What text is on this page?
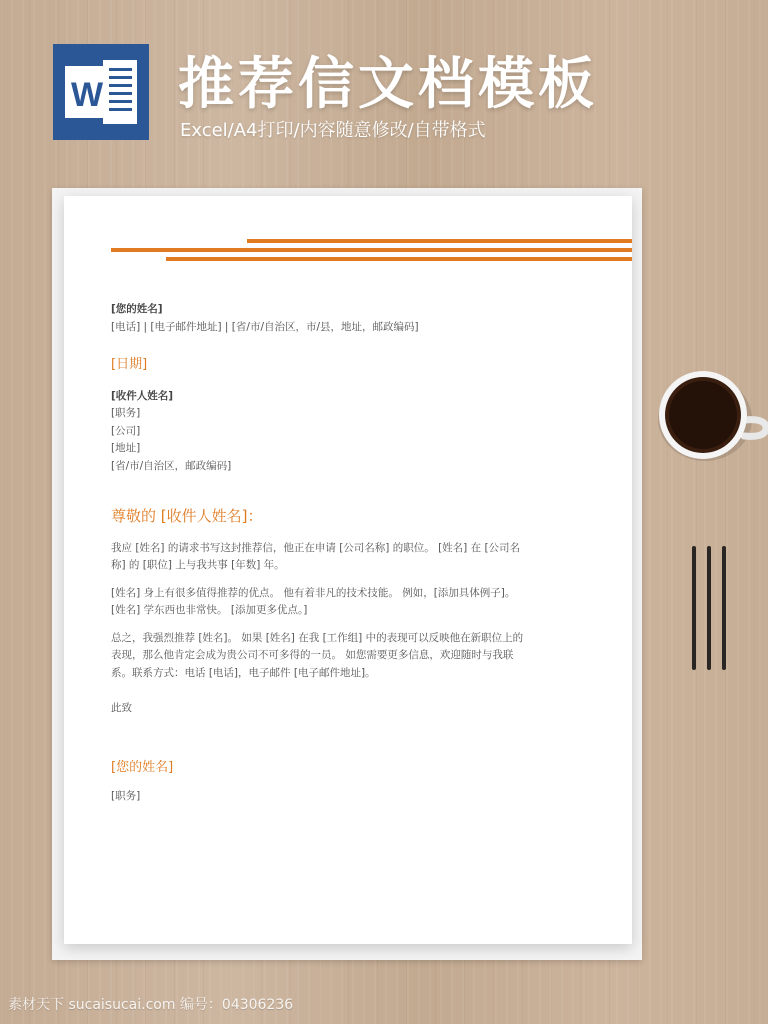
W 推荐信文档模板

Excel/A4打印/内容随意修改/自带格式

[您的姓名]

[电话] | [电子邮件地址] | [省/市/自治区，市/县，地址，邮政编码]

[日期]

[收件人姓名]

[职务]

[公司]

[地址]

[省/市/自治区，邮政编码]

尊敬的 [收件人姓名]：

我应 [姓名] 的请求书写这封推荐信，他正在申请 [公司名称] 的职位。 [姓名] 在 [公司名

称] 的 [职位] 上与我共事 [年数] 年。

[姓名] 身上有很多值得推荐的优点。 他有着非凡的技术技能。 例如，[添加具体例子]。

[姓名] 学东西也非常快。 [添加更多优点。]

总之，我强烈推荐 [姓名]。 如果 [姓名] 在我 [工作组] 中的表现可以反映他在新职位上的

表现，那么他肯定会成为贵公司不可多得的一员。 如您需要更多信息，欢迎随时与我联

系。联系方式：电话 [电话]，电子邮件 [电子邮件地址]。

此致

[您的姓名]

[职务]

素材天下 sucaisucai.com 编号：04306236
